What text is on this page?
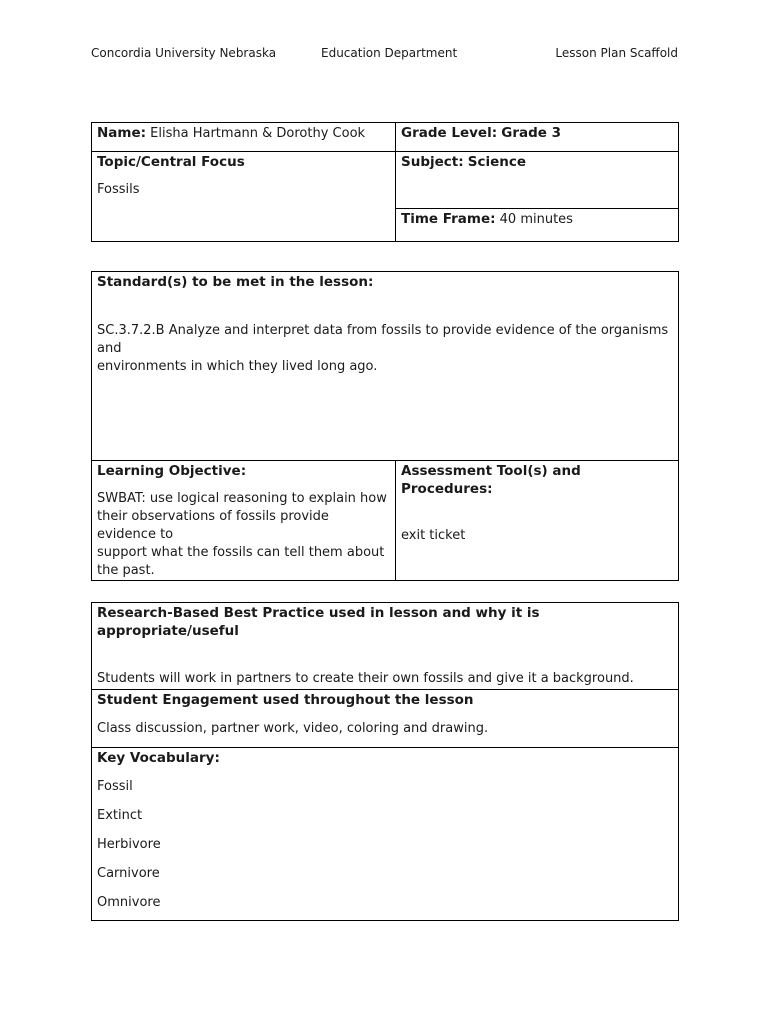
Concordia University Nebraska	Education Department	Lesson Plan Scaffold
Name: Elisha Hartmann & Dorothy Cook	Grade Level: Grade 3

Topic/Central Focus
Fossils	Subject: Science

	Time Frame: 40 minutes
Standard(s) to be met in the lesson:
SC.3.7.2.B Analyze and interpret data from fossils to provide evidence of the organisms and
environments in which they lived long ago.

Learning Objective:
SWBAT: use logical reasoning to explain how
their observations of fossils provide evidence to
support what the fossils can tell them about
the past.

Assessment Tool(s) and Procedures:
exit ticket
Research-Based Best Practice used in lesson and why it is appropriate/useful
Students will work in partners to create their own fossils and give it a background.

Student Engagement used throughout the lesson
Class discussion, partner work, video, coloring and drawing.

Key Vocabulary:
Fossil
Extinct
Herbivore
Carnivore
Omnivore
